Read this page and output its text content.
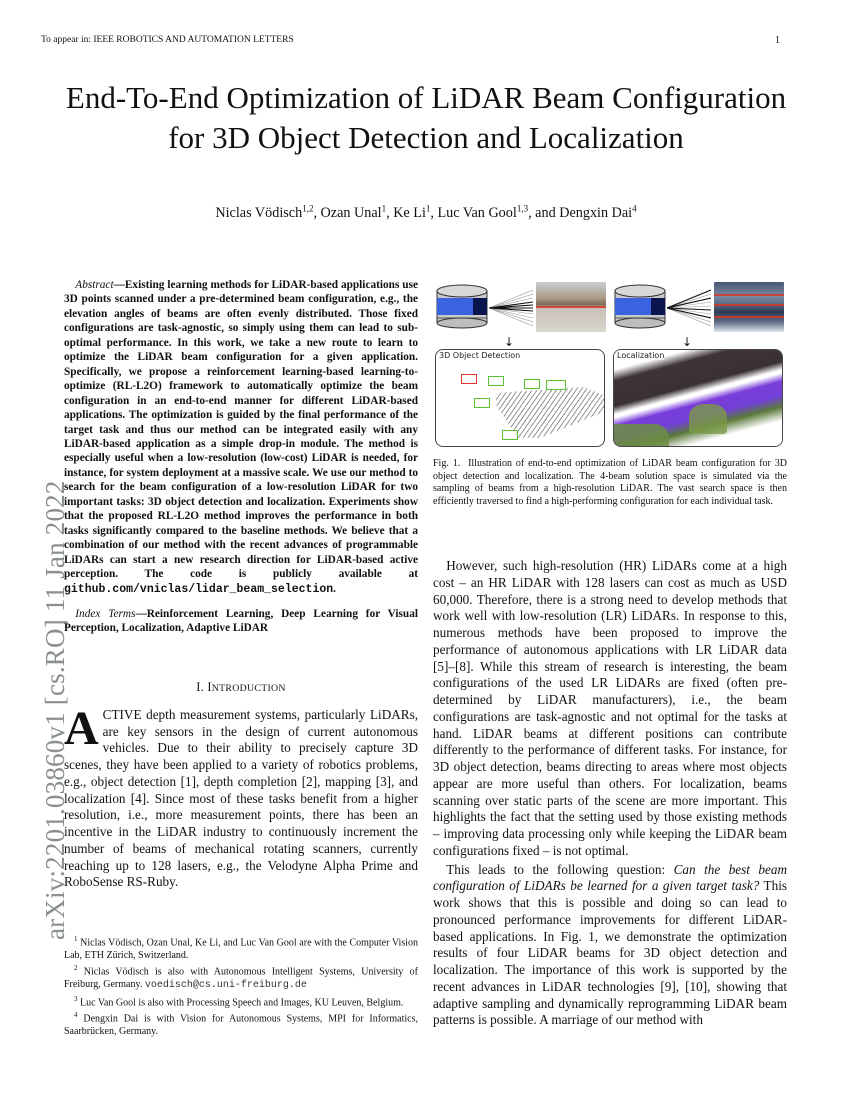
To appear in: IEEE ROBOTICS AND AUTOMATION LETTERS	1
End-To-End Optimization of LiDAR Beam Configuration for 3D Object Detection and Localization
Niclas Vödisch$^{1,2}$, Ozan Unal$^1$, Ke Li$^1$, Luc Van Gool$^{1,3}$, and Dengxin Dai$^4$
arXiv:2201.03860v1 [cs.RO] 11 Jan 2022

Abstract—Existing learning methods for LiDAR-based applications use 3D points scanned under a pre-determined beam configuration, e.g., the elevation angles of beams are often evenly distributed. Those fixed configurations are task-agnostic, so simply using them can lead to sub-optimal performance. In this work, we take a new route to learn to optimize the LiDAR beam configuration for a given application. Specifically, we propose a reinforcement learning-based learning-to-optimize (RL-L2O) framework to automatically optimize the beam configuration in an end-to-end manner for different LiDAR-based applications. The optimization is guided by the final performance of the target task and thus our method can be integrated easily with any LiDAR-based application as a simple drop-in module. The method is especially useful when a low-resolution (low-cost) LiDAR is needed, for instance, for system deployment at a massive scale. We use our method to search for the beam configuration of a low-resolution LiDAR for two important tasks: 3D object detection and localization. Experiments show that the proposed RL-L2O method improves the performance in both tasks significantly compared to the baseline methods. We believe that a combination of our method with the recent advances of programmable LiDARs can start a new research direction for LiDAR-based active perception. The code is publicly available at github.com/vniclas/lidar_beam_selection.

Index Terms—Reinforcement Learning, Deep Learning for Visual Perception, Localization, Adaptive LiDAR

I. INTRODUCTION

ACTIVE depth measurement systems, particularly LiDARs, are key sensors in the design of current autonomous vehicles. Due to their ability to precisely capture 3D scenes, they have been applied to a variety of robotics problems, e.g., object detection [1], depth completion [2], mapping [3], and localization [4]. Since most of these tasks benefit from a higher resolution, i.e., more measurement points, there has been an incentive in the LiDAR industry to continuously increment the number of beams of mechanical rotating scanners, currently reaching up to 128 lasers, e.g., the Velodyne Alpha Prime and RoboSense RS-Ruby.

$^1$ Niclas Vödisch, Ozan Unal, Ke Li, and Luc Van Gool are with the Computer Vision Lab, ETH Zürich, Switzerland.

$^2$ Niclas Vödisch is also with Autonomous Intelligent Systems, University of Freiburg, Germany. voedisch@cs.uni-freiburg.de

$^3$ Luc Van Gool is also with Processing Speech and Images, KU Leuven, Belgium.

$^4$ Dengxin Dai is with Vision for Autonomous Systems, MPI for Informatics, Saarbrücken, Germany.

↓
3D Object Detection
↓
Localization

Fig. 1. Illustration of end-to-end optimization of LiDAR beam configuration for 3D object detection and localization. The 4-beam solution space is simulated via the sampling of beams from a high-resolution LiDAR. The vast search space is then efficiently traversed to find a high-performing configuration for each individual task.

However, such high-resolution (HR) LiDARs come at a high cost – an HR LiDAR with 128 lasers can cost as much as USD 60,000. Therefore, there is a strong need to develop methods that work well with low-resolution (LR) LiDARs. In response to this, numerous methods have been proposed to improve the performance of autonomous applications with LR LiDAR data [5]–[8]. While this stream of research is interesting, the beam configurations of the used LR LiDARs are fixed (often pre-determined by LiDAR manufacturers), i.e., the beam configurations are task-agnostic and not optimal for the tasks at hand. LiDAR beams at different positions can contribute differently to the performance of different tasks. For instance, for 3D object detection, beams directing to areas where most objects appear are more useful than others. For localization, beams scanning over static parts of the scene are more important. This highlights the fact that the setting used by those existing methods – improving data processing only while keeping the LiDAR beam configurations fixed – is not optimal.

This leads to the following question: Can the best beam configuration of LiDARs be learned for a given target task? This work shows that this is possible and doing so can lead to pronounced performance improvements for different LiDAR-based applications. In Fig. 1, we demonstrate the optimization results of four LiDAR beams for 3D object detection and localization. The importance of this work is supported by the recent advances in LiDAR technologies [9], [10], showing that adaptive sampling and dynamically reprogramming LiDAR beam patterns is possible. A marriage of our method with
